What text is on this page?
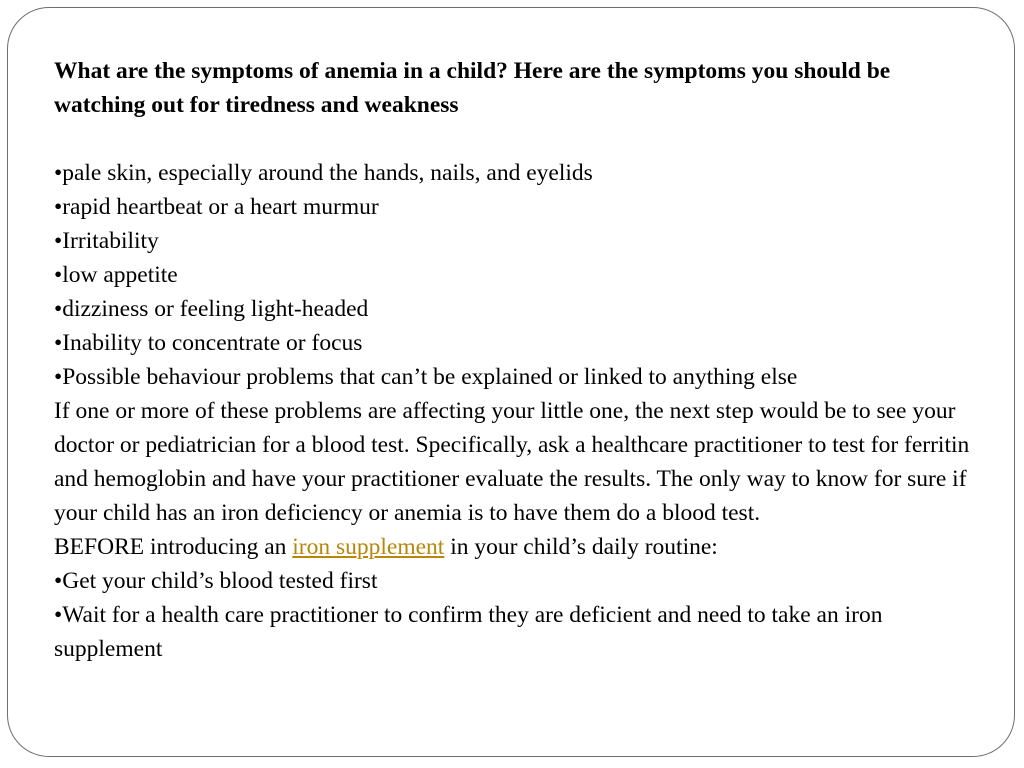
What are the symptoms of anemia in a child? Here are the symptoms you should be watching out for tiredness and weakness

•pale skin, especially around the hands, nails, and eyelids

•rapid heartbeat or a heart murmur

•Irritability

•low appetite

•dizziness or feeling light-headed

•Inability to concentrate or focus

•Possible behaviour problems that can’t be explained or linked to anything else

If one or more of these problems are affecting your little one, the next step would be to see your doctor or pediatrician for a blood test. Specifically, ask a healthcare practitioner to test for ferritin and hemoglobin and have your practitioner evaluate the results. The only way to know for sure if your child has an iron deficiency or anemia is to have them do a blood test.

BEFORE introducing an iron supplement in your child’s daily routine:

•Get your child’s blood tested first

•Wait for a health care practitioner to confirm they are deficient and need to take an iron supplement
